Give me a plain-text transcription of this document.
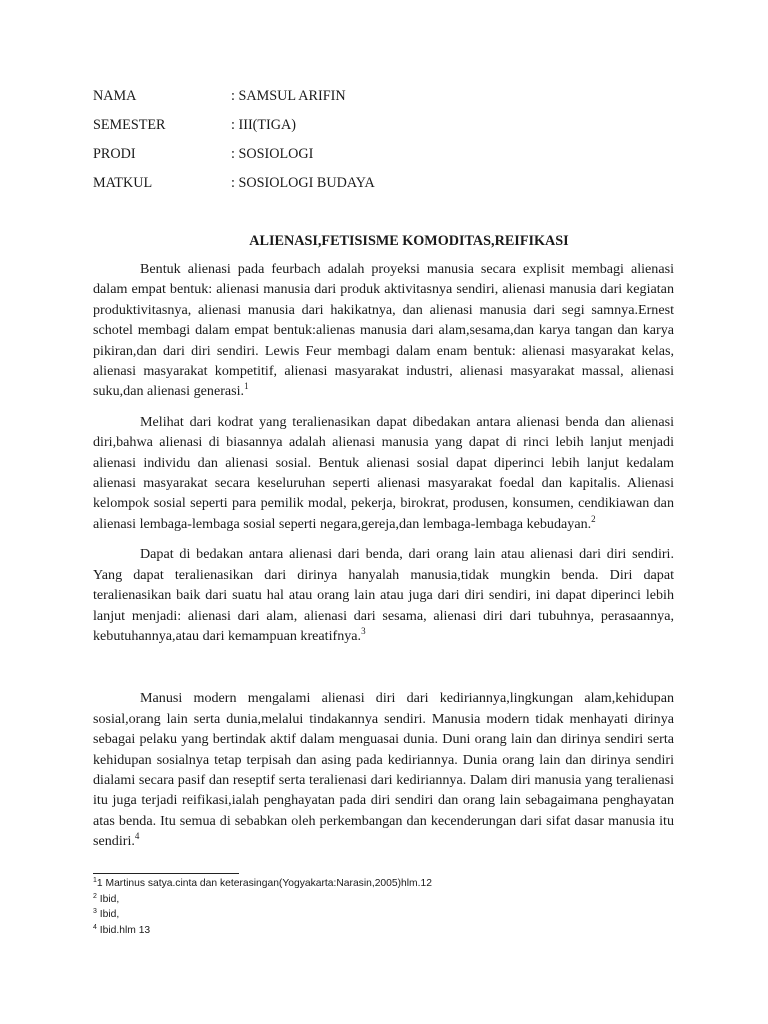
NAMA	: SAMSUL ARIFIN
SEMESTER	: III(TIGA)
PRODI	: SOSIOLOGI
MATKUL	: SOSIOLOGI BUDAYA
ALIENASI,FETISISME KOMODITAS,REIFIKASI

Bentuk alienasi pada feurbach adalah proyeksi manusia secara explisit membagi alienasi dalam empat bentuk: alienasi manusia dari produk aktivitasnya sendiri, alienasi manusia dari kegiatan produktivitasnya, alienasi manusia dari hakikatnya, dan alienasi manusia dari segi samnya.Ernest schotel membagi dalam empat bentuk:alienas manusia dari alam,sesama,dan karya tangan dan karya pikiran,dan dari diri sendiri. Lewis Feur membagi dalam enam bentuk: alienasi masyarakat kelas, alienasi masyarakat kompetitif, alienasi masyarakat industri, alienasi masyarakat massal, alienasi suku,dan alienasi generasi.$^1$

Melihat dari kodrat yang teralienasikan dapat dibedakan antara alienasi benda dan alienasi diri,bahwa alienasi di biasannya adalah alienasi manusia yang dapat di rinci lebih lanjut menjadi alienasi individu dan alienasi sosial. Bentuk alienasi sosial dapat diperinci lebih lanjut kedalam alienasi masyarakat secara keseluruhan seperti alienasi masyarakat foedal dan kapitalis. Alienasi kelompok sosial seperti para pemilik modal, pekerja, birokrat, produsen, konsumen, cendikiawan dan alienasi lembaga-lembaga sosial seperti negara,gereja,dan lembaga-lembaga kebudayan.$^2$

Dapat di bedakan antara alienasi dari benda, dari orang lain atau alienasi dari diri sendiri. Yang dapat teralienasikan dari dirinya hanyalah manusia,tidak mungkin benda. Diri dapat teralienasikan baik dari suatu hal atau orang lain atau juga dari diri sendiri, ini dapat diperinci lebih lanjut menjadi: alienasi dari alam, alienasi dari sesama, alienasi diri dari tubuhnya, perasaannya, kebutuhannya,atau dari kemampuan kreatifnya.$^3$

Manusi modern mengalami alienasi diri dari kediriannya,lingkungan alam,kehidupan sosial,orang lain serta dunia,melalui tindakannya sendiri. Manusia modern tidak menhayati dirinya sebagai pelaku yang bertindak aktif dalam menguasai dunia. Duni orang lain dan dirinya sendiri serta kehidupan sosialnya tetap terpisah dan asing pada kediriannya. Dunia orang lain dan dirinya sendiri dialami secara pasif dan reseptif serta teralienasi dari kediriannya. Dalam diri manusia yang teralienasi itu juga terjadi reifikasi,ialah penghayatan pada diri sendiri dan orang lain sebagaimana penghayatan atas benda. Itu semua di sebabkan oleh perkembangan dan kecenderungan dari sifat dasar manusia itu sendiri.$^4$

$^1$1 Martinus satya.cinta dan keterasingan(Yogyakarta:Narasin,2005)hlm.12
$^2$ Ibid,
$^3$ Ibid,
$^4$ Ibid.hlm 13
